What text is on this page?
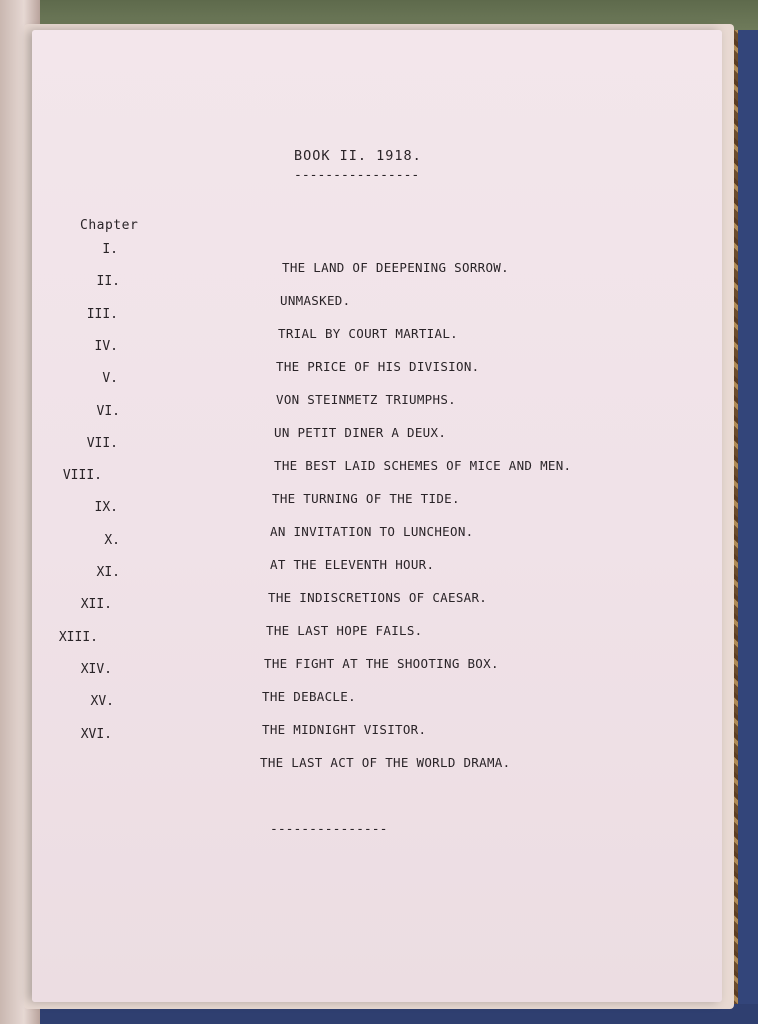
BOOK II. 1918.
----------------
Chapter
I.
THE LAND OF DEEPENING SORROW.
II.
UNMASKED.
III.
TRIAL BY COURT MARTIAL.
IV.
THE PRICE OF HIS DIVISION.
V.
VON STEINMETZ TRIUMPHS.
VI.
UN PETIT DINER A DEUX.
VII.
THE BEST LAID SCHEMES OF MICE AND MEN.
VIII.
THE TURNING OF THE TIDE.
IX.
AN INVITATION TO LUNCHEON.
X.
AT THE ELEVENTH HOUR.
XI.
THE INDISCRETIONS OF CAESAR.
XII.
THE LAST HOPE FAILS.
XIII.
THE FIGHT AT THE SHOOTING BOX.
XIV.
THE DEBACLE.
XV.
THE MIDNIGHT VISITOR.
XVI.
THE LAST ACT OF THE WORLD DRAMA.
---------------
